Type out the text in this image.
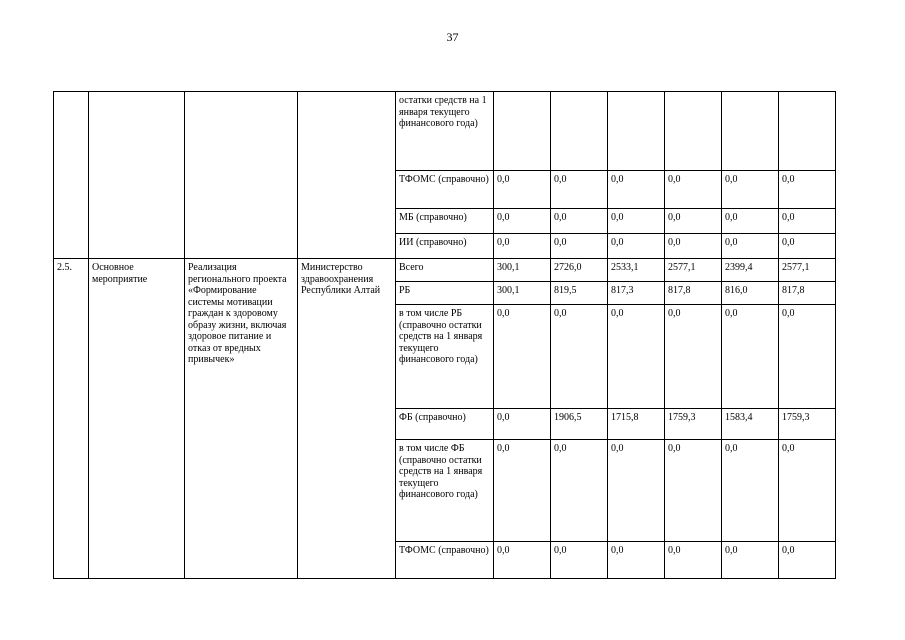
37
				остатки средств на 1 января текущего финансового года)						
				ТФОМС (справочно)	0,0	0,0	0,0	0,0	0,0	0,0
				МБ (справочно)	0,0	0,0	0,0	0,0	0,0	0,0
				ИИ (справочно)	0,0	0,0	0,0	0,0	0,0	0,0
2.5.	Основное мероприятие	Реализация регионального проекта «Формирование системы мотивации граждан к здоровому образу жизни, включая здоровое питание и отказ от вредных привычек»	Министерство здравоохранения Республики Алтай	Всего	300,1	2726,0	2533,1	2577,1	2399,4	2577,1
				РБ	300,1	819,5	817,3	817,8	816,0	817,8
				в том числе РБ (справочно остатки средств на 1 января текущего финансового года)	0,0	0,0	0,0	0,0	0,0	0,0
				ФБ (справочно)	0,0	1906,5	1715,8	1759,3	1583,4	1759,3
				в том числе ФБ (справочно остатки средств на 1 января текущего финансового года)	0,0	0,0	0,0	0,0	0,0	0,0
				ТФОМС (справочно)	0,0	0,0	0,0	0,0	0,0	0,0
